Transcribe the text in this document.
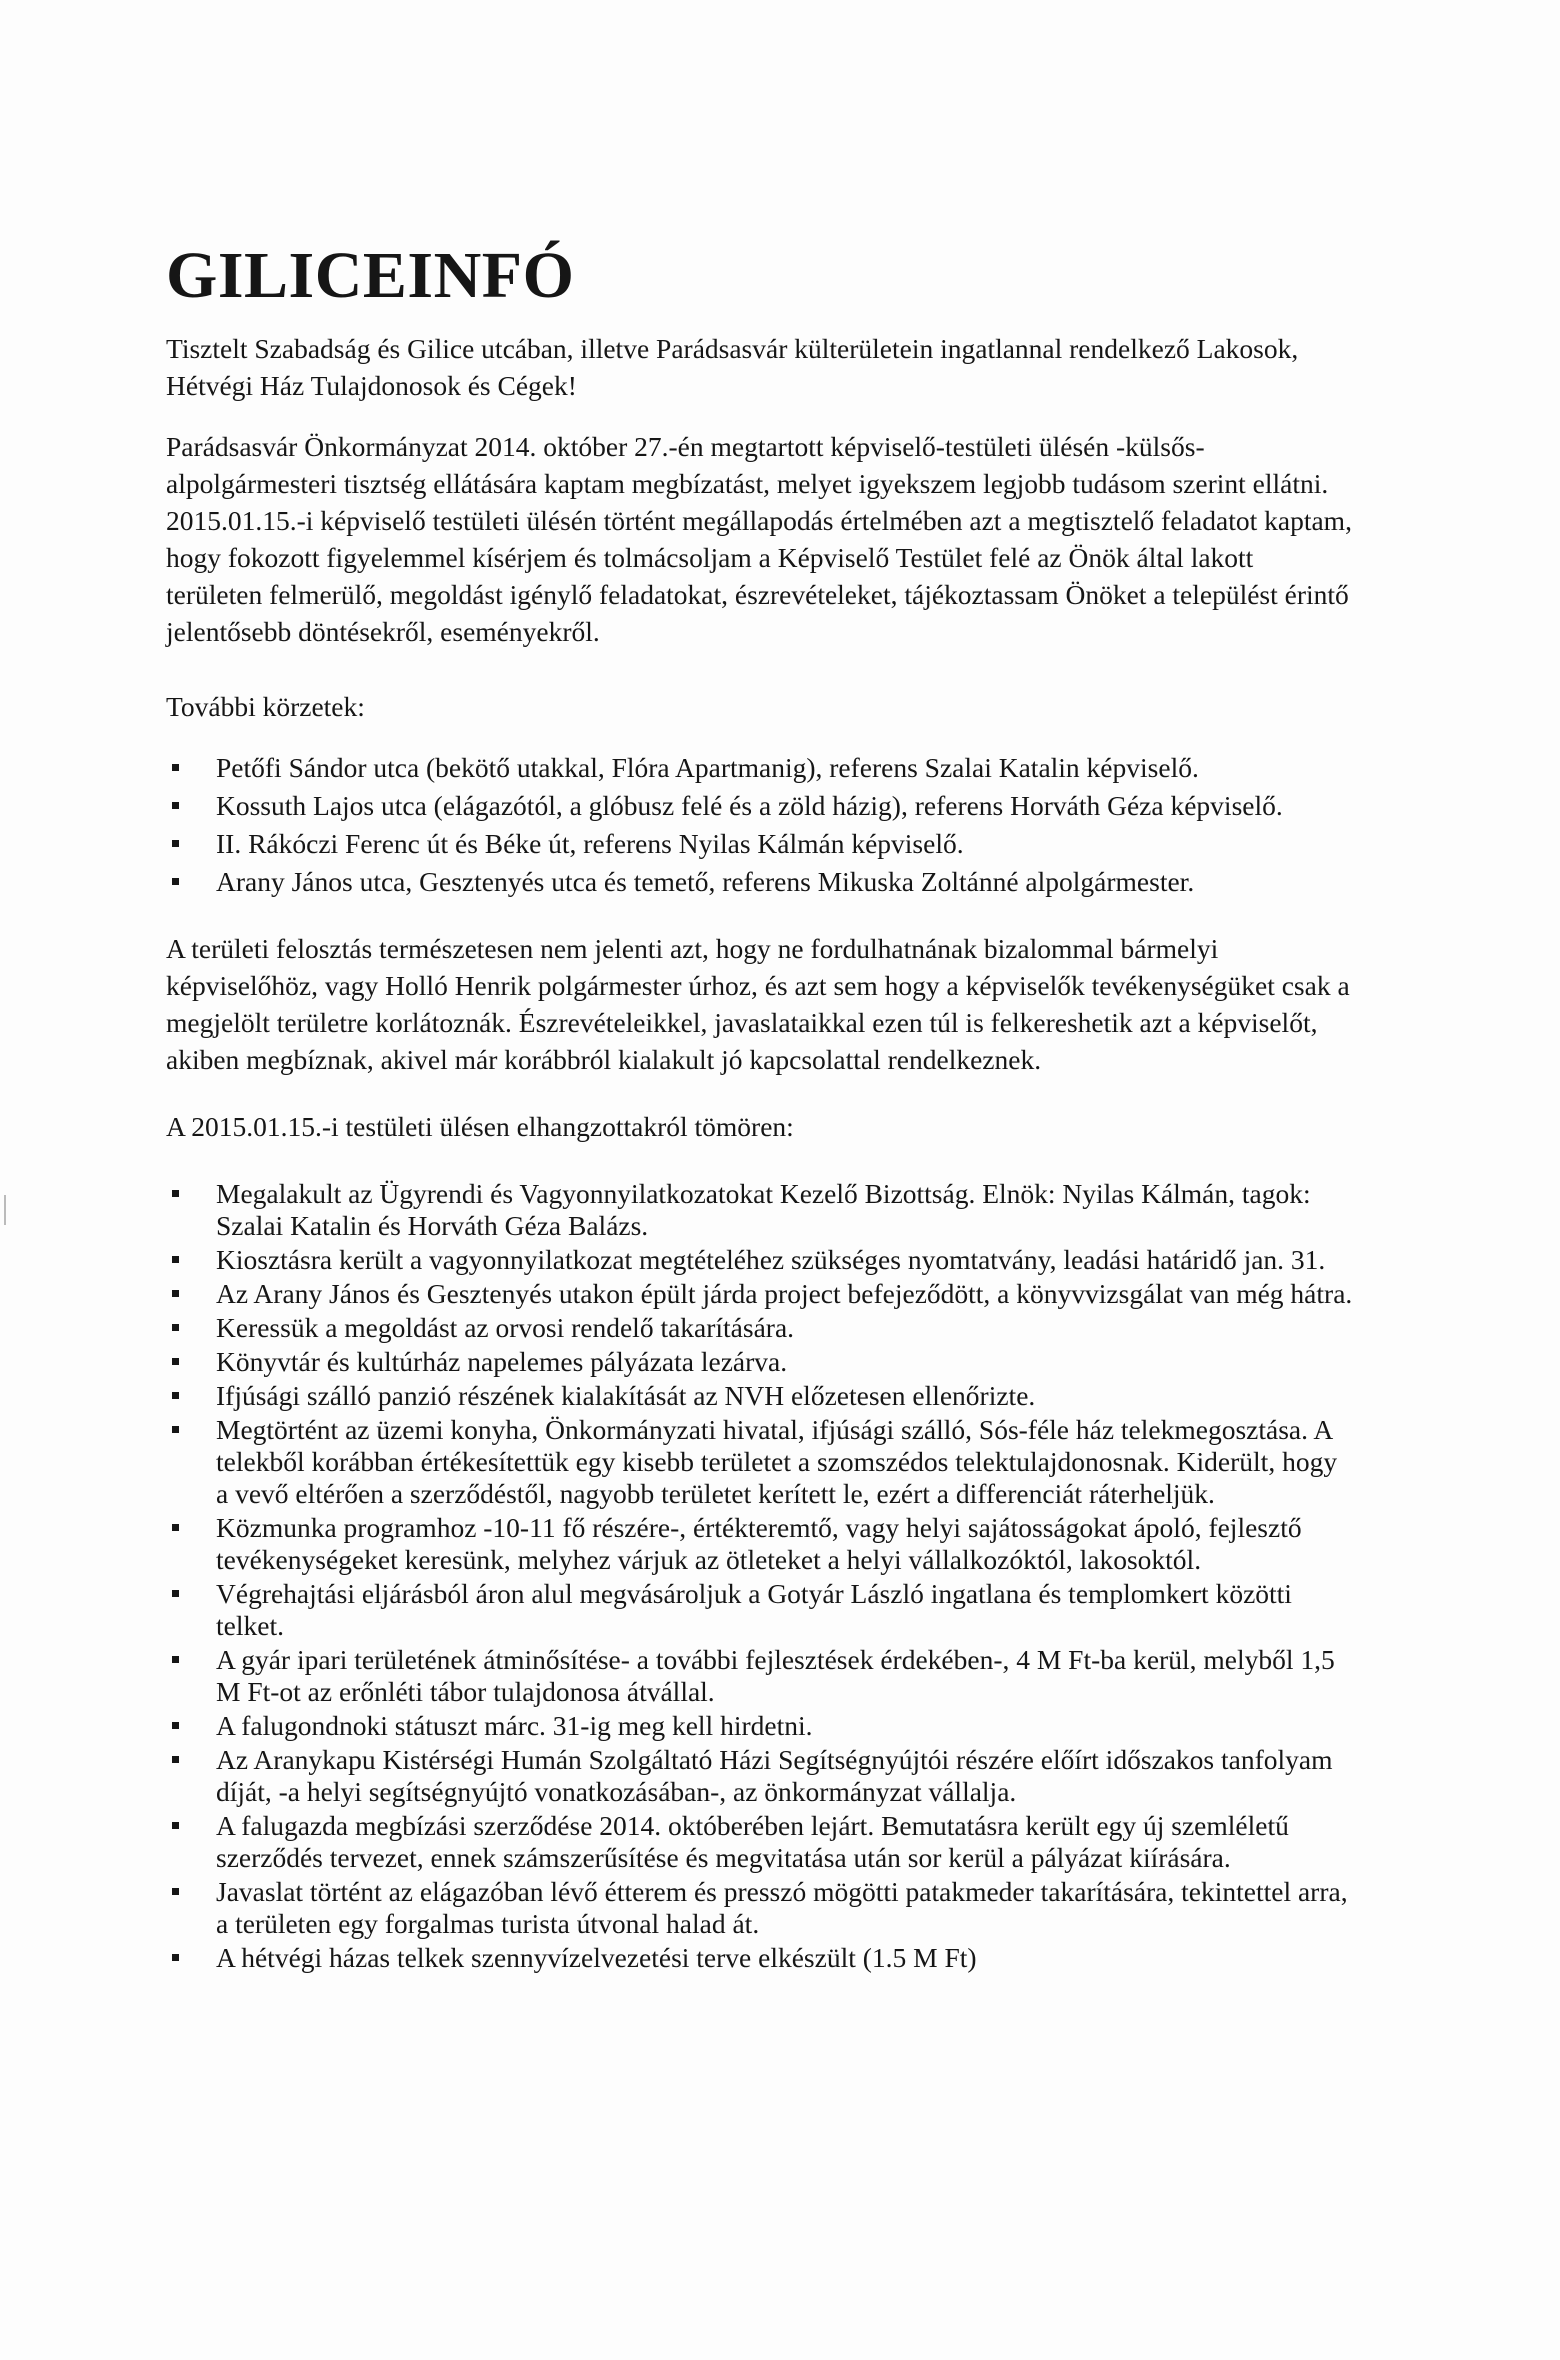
GILICEINFÓ

Tisztelt Szabadság és Gilice utcában, illetve Parádsasvár külterületein ingatlannal rendelkező Lakosok, Hétvégi Ház Tulajdonosok és Cégek!

Parádsasvár Önkormányzat 2014. október 27.-én megtartott képviselő-testületi ülésén -külsős-alpolgármesteri tisztség ellátására kaptam megbízatást, melyet igyekszem legjobb tudásom szerint ellátni. 2015.01.15.-i képviselő testületi ülésén történt megállapodás értelmében azt a megtisztelő feladatot kaptam, hogy fokozott figyelemmel kísérjem és tolmácsoljam a Képviselő Testület felé az Önök által lakott területen felmerülő, megoldást igénylő feladatokat, észrevételeket, tájékoztassam Önöket a települést érintő jelentősebb döntésekről, eseményekről.

További körzetek:

Petőfi Sándor utca (bekötő utakkal, Flóra Apartmanig), referens Szalai Katalin képviselő.
Kossuth Lajos utca (elágazótól, a glóbusz felé és a zöld házig), referens Horváth Géza képviselő.
II. Rákóczi Ferenc út és Béke út, referens Nyilas Kálmán képviselő.
Arany János utca, Gesztenyés utca és temető, referens Mikuska Zoltánné alpolgármester.

A területi felosztás természetesen nem jelenti azt, hogy ne fordulhatnának bizalommal bármelyi képviselőhöz, vagy Holló Henrik polgármester úrhoz, és azt sem hogy a képviselők tevékenységüket csak a megjelölt területre korlátoznák. Észrevételeikkel, javaslataikkal ezen túl is felkereshetik azt a képviselőt, akiben megbíznak, akivel már korábbról kialakult jó kapcsolattal rendelkeznek.

A 2015.01.15.-i testületi ülésen elhangzottakról tömören:

Megalakult az Ügyrendi és Vagyonnyilatkozatokat Kezelő Bizottság. Elnök: Nyilas Kálmán, tagok: Szalai Katalin és Horváth Géza Balázs.
Kiosztásra került a vagyonnyilatkozat megtételéhez szükséges nyomtatvány, leadási határidő jan. 31.
Az Arany János és Gesztenyés utakon épült járda project befejeződött, a könyvvizsgálat van még hátra.
Keressük a megoldást az orvosi rendelő takarítására.
Könyvtár és kultúrház napelemes pályázata lezárva.
Ifjúsági szálló panzió részének kialakítását az NVH előzetesen ellenőrizte.
Megtörtént az üzemi konyha, Önkormányzati hivatal, ifjúsági szálló, Sós-féle ház telekmegosztása. A telekből korábban értékesítettük egy kisebb területet a szomszédos telektulajdonosnak. Kiderült, hogy a vevő eltérően a szerződéstől, nagyobb területet kerített le, ezért a differenciát ráterheljük.
Közmunka programhoz -10-11 fő részére-, értékteremtő, vagy helyi sajátosságokat ápoló, fejlesztő tevékenységeket keresünk, melyhez várjuk az ötleteket a helyi vállalkozóktól, lakosoktól.
Végrehajtási eljárásból áron alul megvásároljuk a Gotyár László ingatlana és templomkert közötti telket.
A gyár ipari területének átminősítése- a további fejlesztések érdekében-, 4 M Ft-ba kerül, melyből 1,5 M Ft-ot az erőnléti tábor tulajdonosa átvállal.
A falugondnoki státuszt márc. 31-ig meg kell hirdetni.
Az Aranykapu Kistérségi Humán Szolgáltató Házi Segítségnyújtói részére előírt időszakos tanfolyam díját, -a helyi segítségnyújtó vonatkozásában-, az önkormányzat vállalja.
A falugazda megbízási szerződése 2014. októberében lejárt. Bemutatásra került egy új szemléletű szerződés tervezet, ennek számszerűsítése és megvitatása után sor kerül a pályázat kiírására.
Javaslat történt az elágazóban lévő étterem és presszó mögötti patakmeder takarítására, tekintettel arra, a területen egy forgalmas turista útvonal halad át.
A hétvégi házas telkek szennyvízelvezetési terve elkészült (1.5 M Ft)
